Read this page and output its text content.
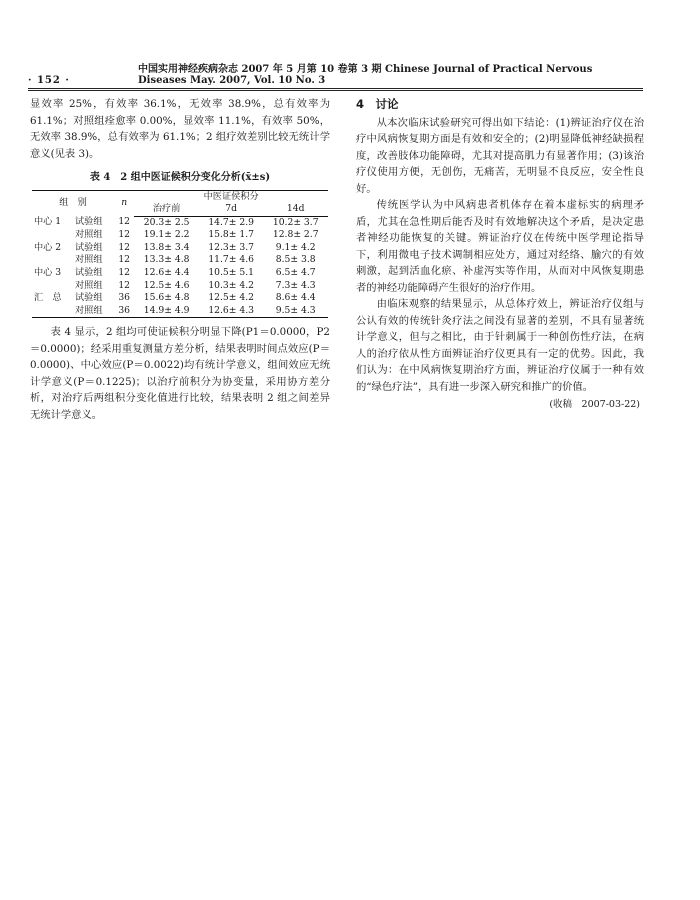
· 152 ·
中国实用神经疾病杂志 2007 年 5 月第 10 卷第 3 期 Chinese Journal of Practical Nervous Diseases May. 2007, Vol. 10 No. 3

显效率 25%，有效率 36.1%，无效率 38.9%，总有效率为 61.1%；对照组痊愈率 0.00%，显效率 11.1%，有效率 50%，无效率 38.9%，总有效率为 61.1%；2 组疗效差别比较无统计学意义(见表 3)。

表 4　2 组中医证候积分变化分析(x̄±s)
组　别		n	中医证侯积分		
			治疗前	7d	14d
中心 1	试验组	12	20.3± 2.5	14.7± 2.9	10.2± 3.7
	对照组	12	19.1± 2.2	15.8± 1.7	12.8± 2.7
中心 2	试验组	12	13.8± 3.4	12.3± 3.7	9.1± 4.2
	对照组	12	13.3± 4.8	11.7± 4.6	8.5± 3.8
中心 3	试验组	12	12.6± 4.4	10.5± 5.1	6.5± 4.7
	对照组	12	12.5± 4.6	10.3± 4.2	7.3± 4.3
汇　总	试验组	36	15.6± 4.8	12.5± 4.2	8.6± 4.4
	对照组	36	14.9± 4.9	12.6± 4.3	9.5± 4.3

表 4 显示，2 组均可使证候积分明显下降(P1＝0.0000，P2＝0.0000)；经采用重复测量方差分析，结果表明时间点效应(P＝0.0000)、中心效应(P＝0.0022)均有统计学意义，组间效应无统计学意义(P＝0.1225)；以治疗前积分为协变量，采用协方差分析，对治疗后两组积分变化值进行比较，结果表明 2 组之间差异无统计学意义。

4　讨论

从本次临床试验研究可得出如下结论：(1)辨证治疗仪在治疗中风病恢复期方面是有效和安全的；(2)明显降低神经缺损程度，改善肢体功能障碍，尤其对提高肌力有显著作用；(3)该治疗仪使用方便，无创伤，无痛苦，无明显不良反应，安全性良好。

传统医学认为中风病患者机体存在着本虚标实的病理矛盾，尤其在急性期后能否及时有效地解决这个矛盾，是决定患者神经功能恢复的关键。辨证治疗仪在传统中医学理论指导下，利用微电子技术调制相应处方，通过对经络、腧穴的有效刺激，起到活血化瘀、补虚泻实等作用，从而对中风恢复期患者的神经功能障碍产生很好的治疗作用。

由临床观察的结果显示，从总体疗效上，辨证治疗仪组与公认有效的传统针灸疗法之间没有显著的差别，不具有显著统计学意义，但与之相比，由于针刺属于一种创伤性疗法，在病人的治疗依从性方面辨证治疗仪更具有一定的优势。因此，我们认为：在中风病恢复期治疗方面，辨证治疗仪属于一种有效的“绿色疗法”，具有进一步深入研究和推广的价值。

(收稿　2007-03-22)
